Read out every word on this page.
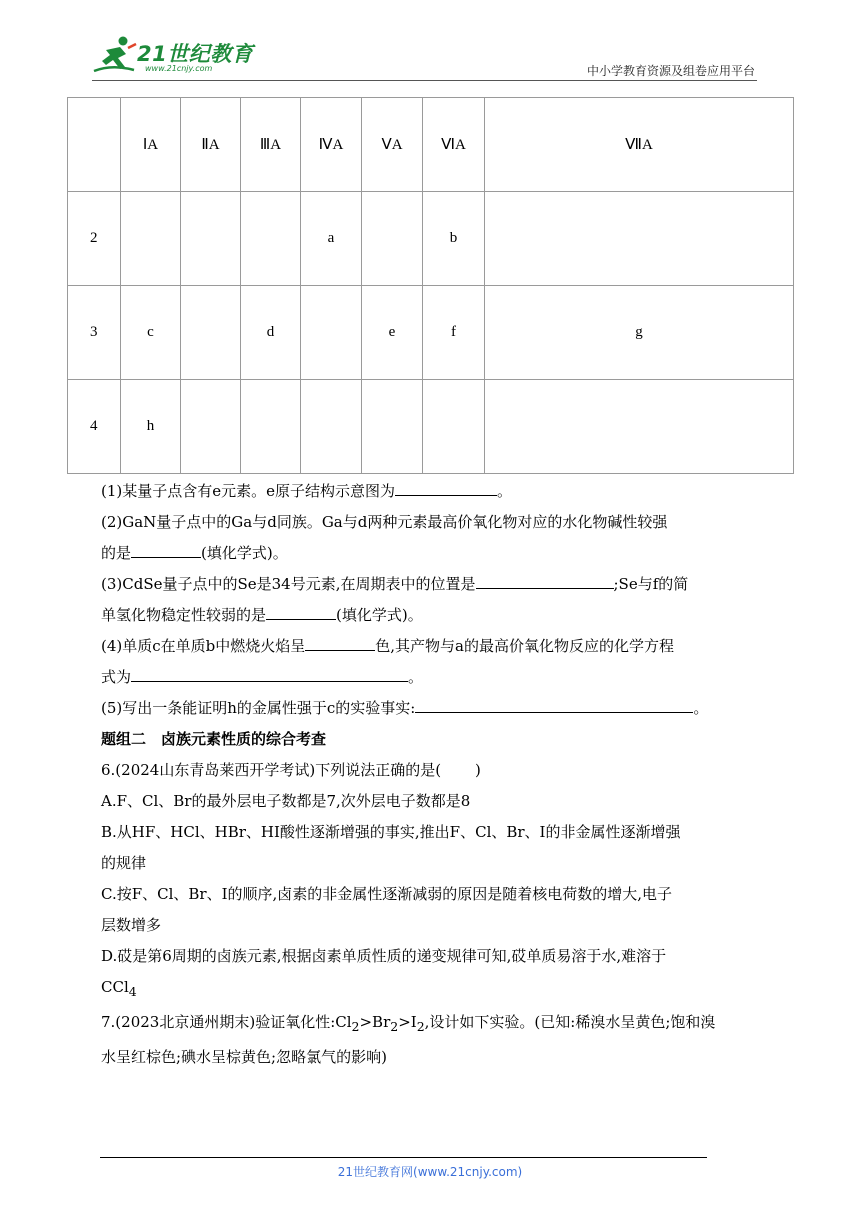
21世纪教育
www.21cnjy.com	中小学教育资源及组卷应用平台
	ⅠA	ⅡA	ⅢA	ⅣA	ⅤA	ⅥA	ⅦA
2				a		b	
3	c		d		e	f	g
4	h						

(1)某量子点含有e元素。e原子结构示意图为	。

(2)GaN量子点中的Ga与d同族。Ga与d两种元素最高价氧化物对应的水化物碱性较强

的是	(填化学式)。

(3)CdSe量子点中的Se是34号元素,在周期表中的位置是	;Se与f的简

单氢化物稳定性较弱的是	(填化学式)。

(4)单质c在单质b中燃烧火焰呈	色,其产物与a的最高价氧化物反应的化学方程

式为	。

(5)写出一条能证明h的金属性强于c的实验事实:	。

题组二　卤族元素性质的综合考查

6.(2024山东青岛莱西开学考试)下列说法正确的是( )

A.F、Cl、Br的最外层电子数都是7,次外层电子数都是8

B.从HF、HCl、HBr、HI酸性逐渐增强的事实,推出F、Cl、Br、I的非金属性逐渐增强

的规律

C.按F、Cl、Br、I的顺序,卤素的非金属性逐渐减弱的原因是随着核电荷数的增大,电子

层数增多

D.砹是第6周期的卤族元素,根据卤素单质性质的递变规律可知,砹单质易溶于水,难溶于

CCl$_4$

7.(2023北京通州期末)验证氧化性$:Cl_2>Br_2>I_2$,设计如下实验。(已知:稀溴水呈黄色;饱和溴

水呈红棕色;碘水呈棕黄色;忽略氯气的影响)

21世纪教育网(www.21cnjy.com)
